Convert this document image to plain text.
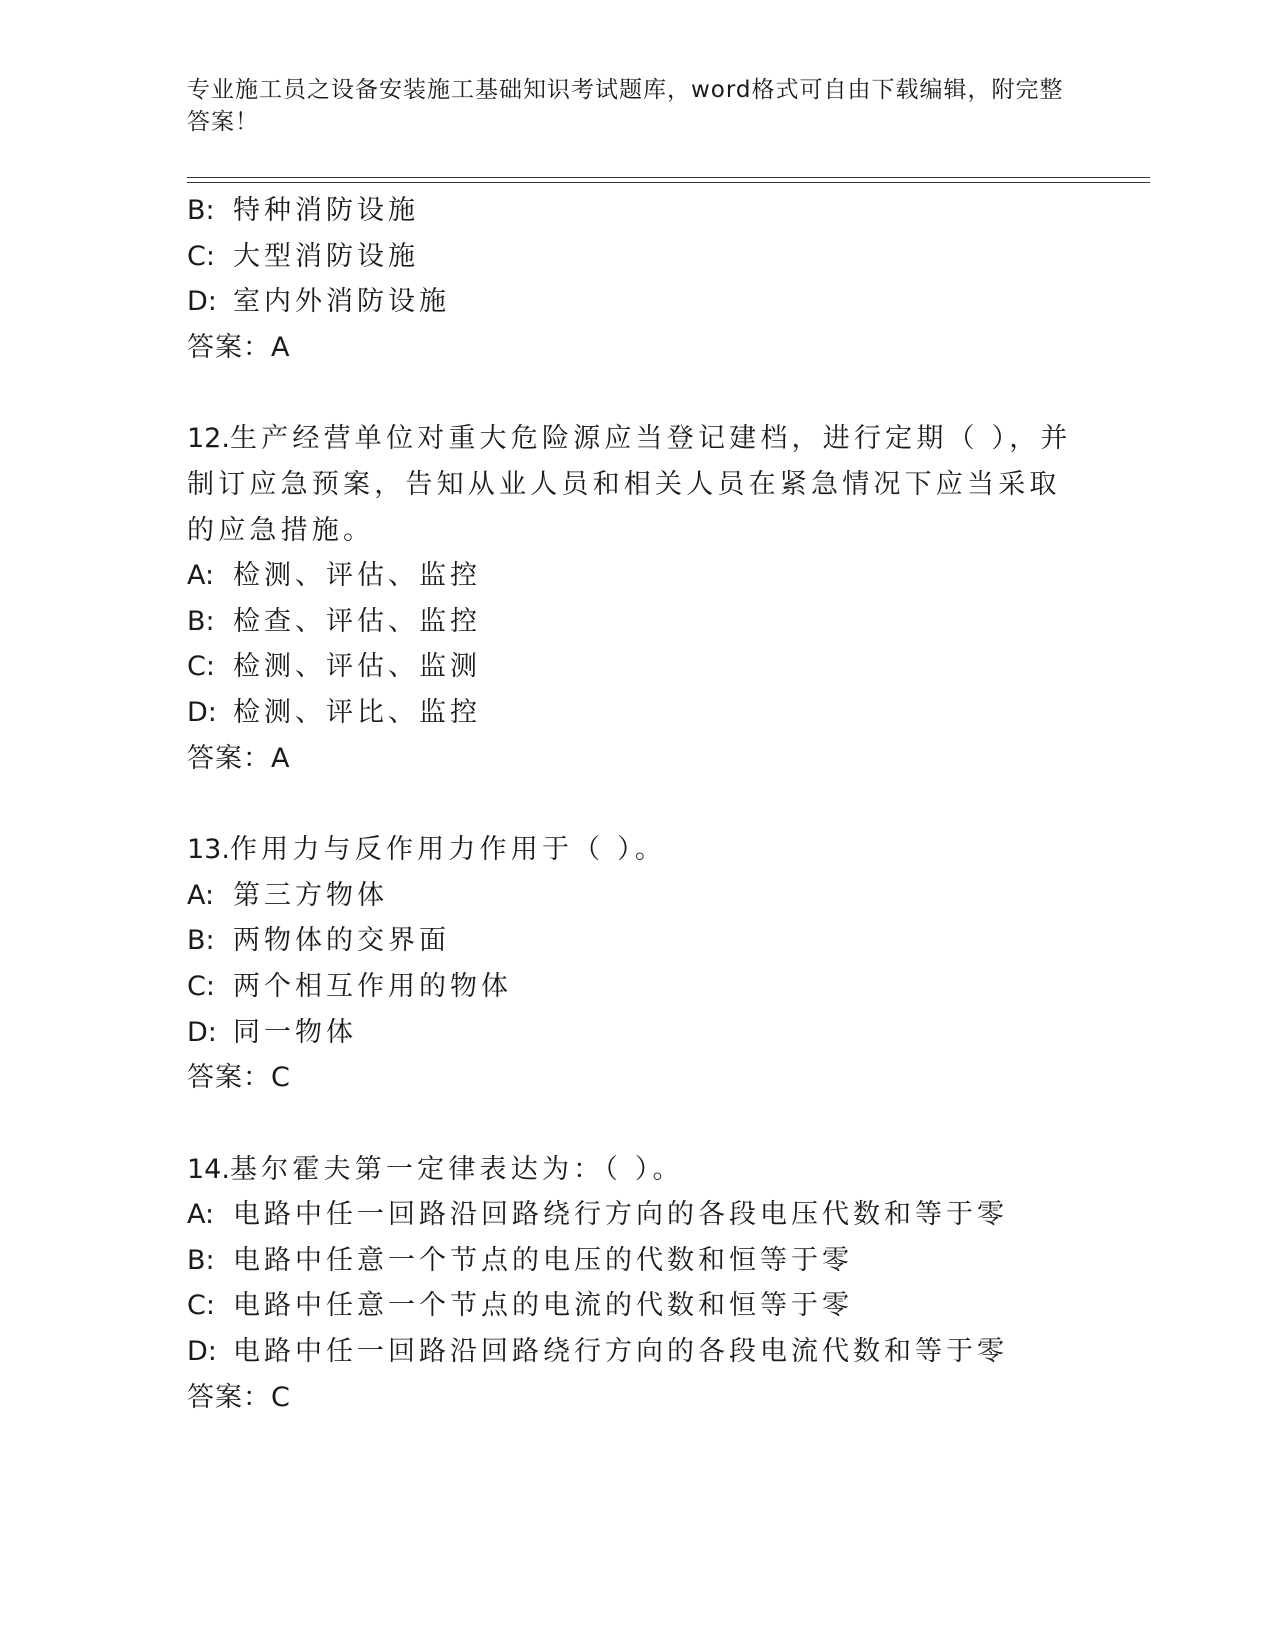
专业施工员之设备安装施工基础知识考试题库，word格式可自由下载编辑，附完整答案！
B: 特种消防设施
C: 大型消防设施
D: 室内外消防设施
答案：A
12.生产经营单位对重大危险源应当登记建档，进行定期（ ），并制订应急预案，告知从业人员和相关人员在紧急情况下应当采取的应急措施。
A: 检测、评估、监控
B: 检查、评估、监控
C: 检测、评估、监测
D: 检测、评比、监控
答案：A
13.作用力与反作用力作用于（ ）。
A: 第三方物体
B: 两物体的交界面
C: 两个相互作用的物体
D: 同一物体
答案：C
14.基尔霍夫第一定律表达为：（ ）。
A: 电路中任一回路沿回路绕行方向的各段电压代数和等于零
B: 电路中任意一个节点的电压的代数和恒等于零
C: 电路中任意一个节点的电流的代数和恒等于零
D: 电路中任一回路沿回路绕行方向的各段电流代数和等于零
答案：C
